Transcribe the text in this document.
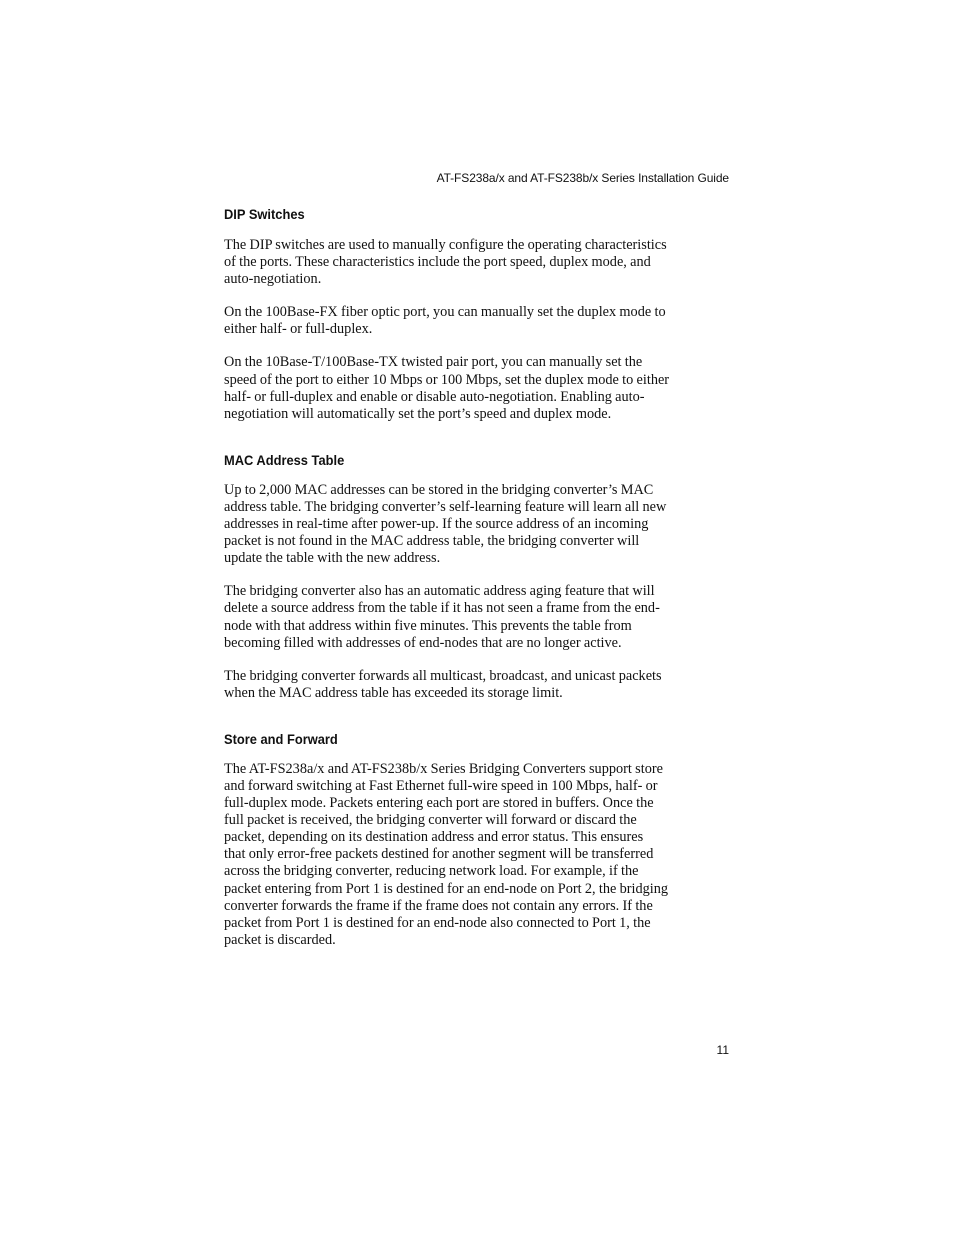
AT-FS238a/x and AT-FS238b/x Series Installation Guide
DIP Switches

The DIP switches are used to manually configure the operating characteristics
of the ports. These characteristics include the port speed, duplex mode, and
auto-negotiation.

On the 100Base-FX fiber optic port, you can manually set the duplex mode to
either half- or full-duplex.

On the 10Base-T/100Base-TX twisted pair port, you can manually set the
speed of the port to either 10 Mbps or 100 Mbps, set the duplex mode to either
half- or full-duplex and enable or disable auto-negotiation. Enabling auto-
negotiation will automatically set the port’s speed and duplex mode.

MAC Address Table

Up to 2,000 MAC addresses can be stored in the bridging converter’s MAC
address table. The bridging converter’s self-learning feature will learn all new
addresses in real-time after power-up. If the source address of an incoming
packet is not found in the MAC address table, the bridging converter will
update the table with the new address.

The bridging converter also has an automatic address aging feature that will
delete a source address from the table if it has not seen a frame from the end-
node with that address within five minutes. This prevents the table from
becoming filled with addresses of end-nodes that are no longer active.

The bridging converter forwards all multicast, broadcast, and unicast packets
when the MAC address table has exceeded its storage limit.

Store and Forward

The AT-FS238a/x and AT-FS238b/x Series Bridging Converters support store
and forward switching at Fast Ethernet full-wire speed in 100 Mbps, half- or
full-duplex mode. Packets entering each port are stored in buffers. Once the
full packet is received, the bridging converter will forward or discard the
packet, depending on its destination address and error status. This ensures
that only error-free packets destined for another segment will be transferred
across the bridging converter, reducing network load. For example, if the
packet entering from Port 1 is destined for an end-node on Port 2, the bridging
converter forwards the frame if the frame does not contain any errors. If the
packet from Port 1 is destined for an end-node also connected to Port 1, the
packet is discarded.

11
